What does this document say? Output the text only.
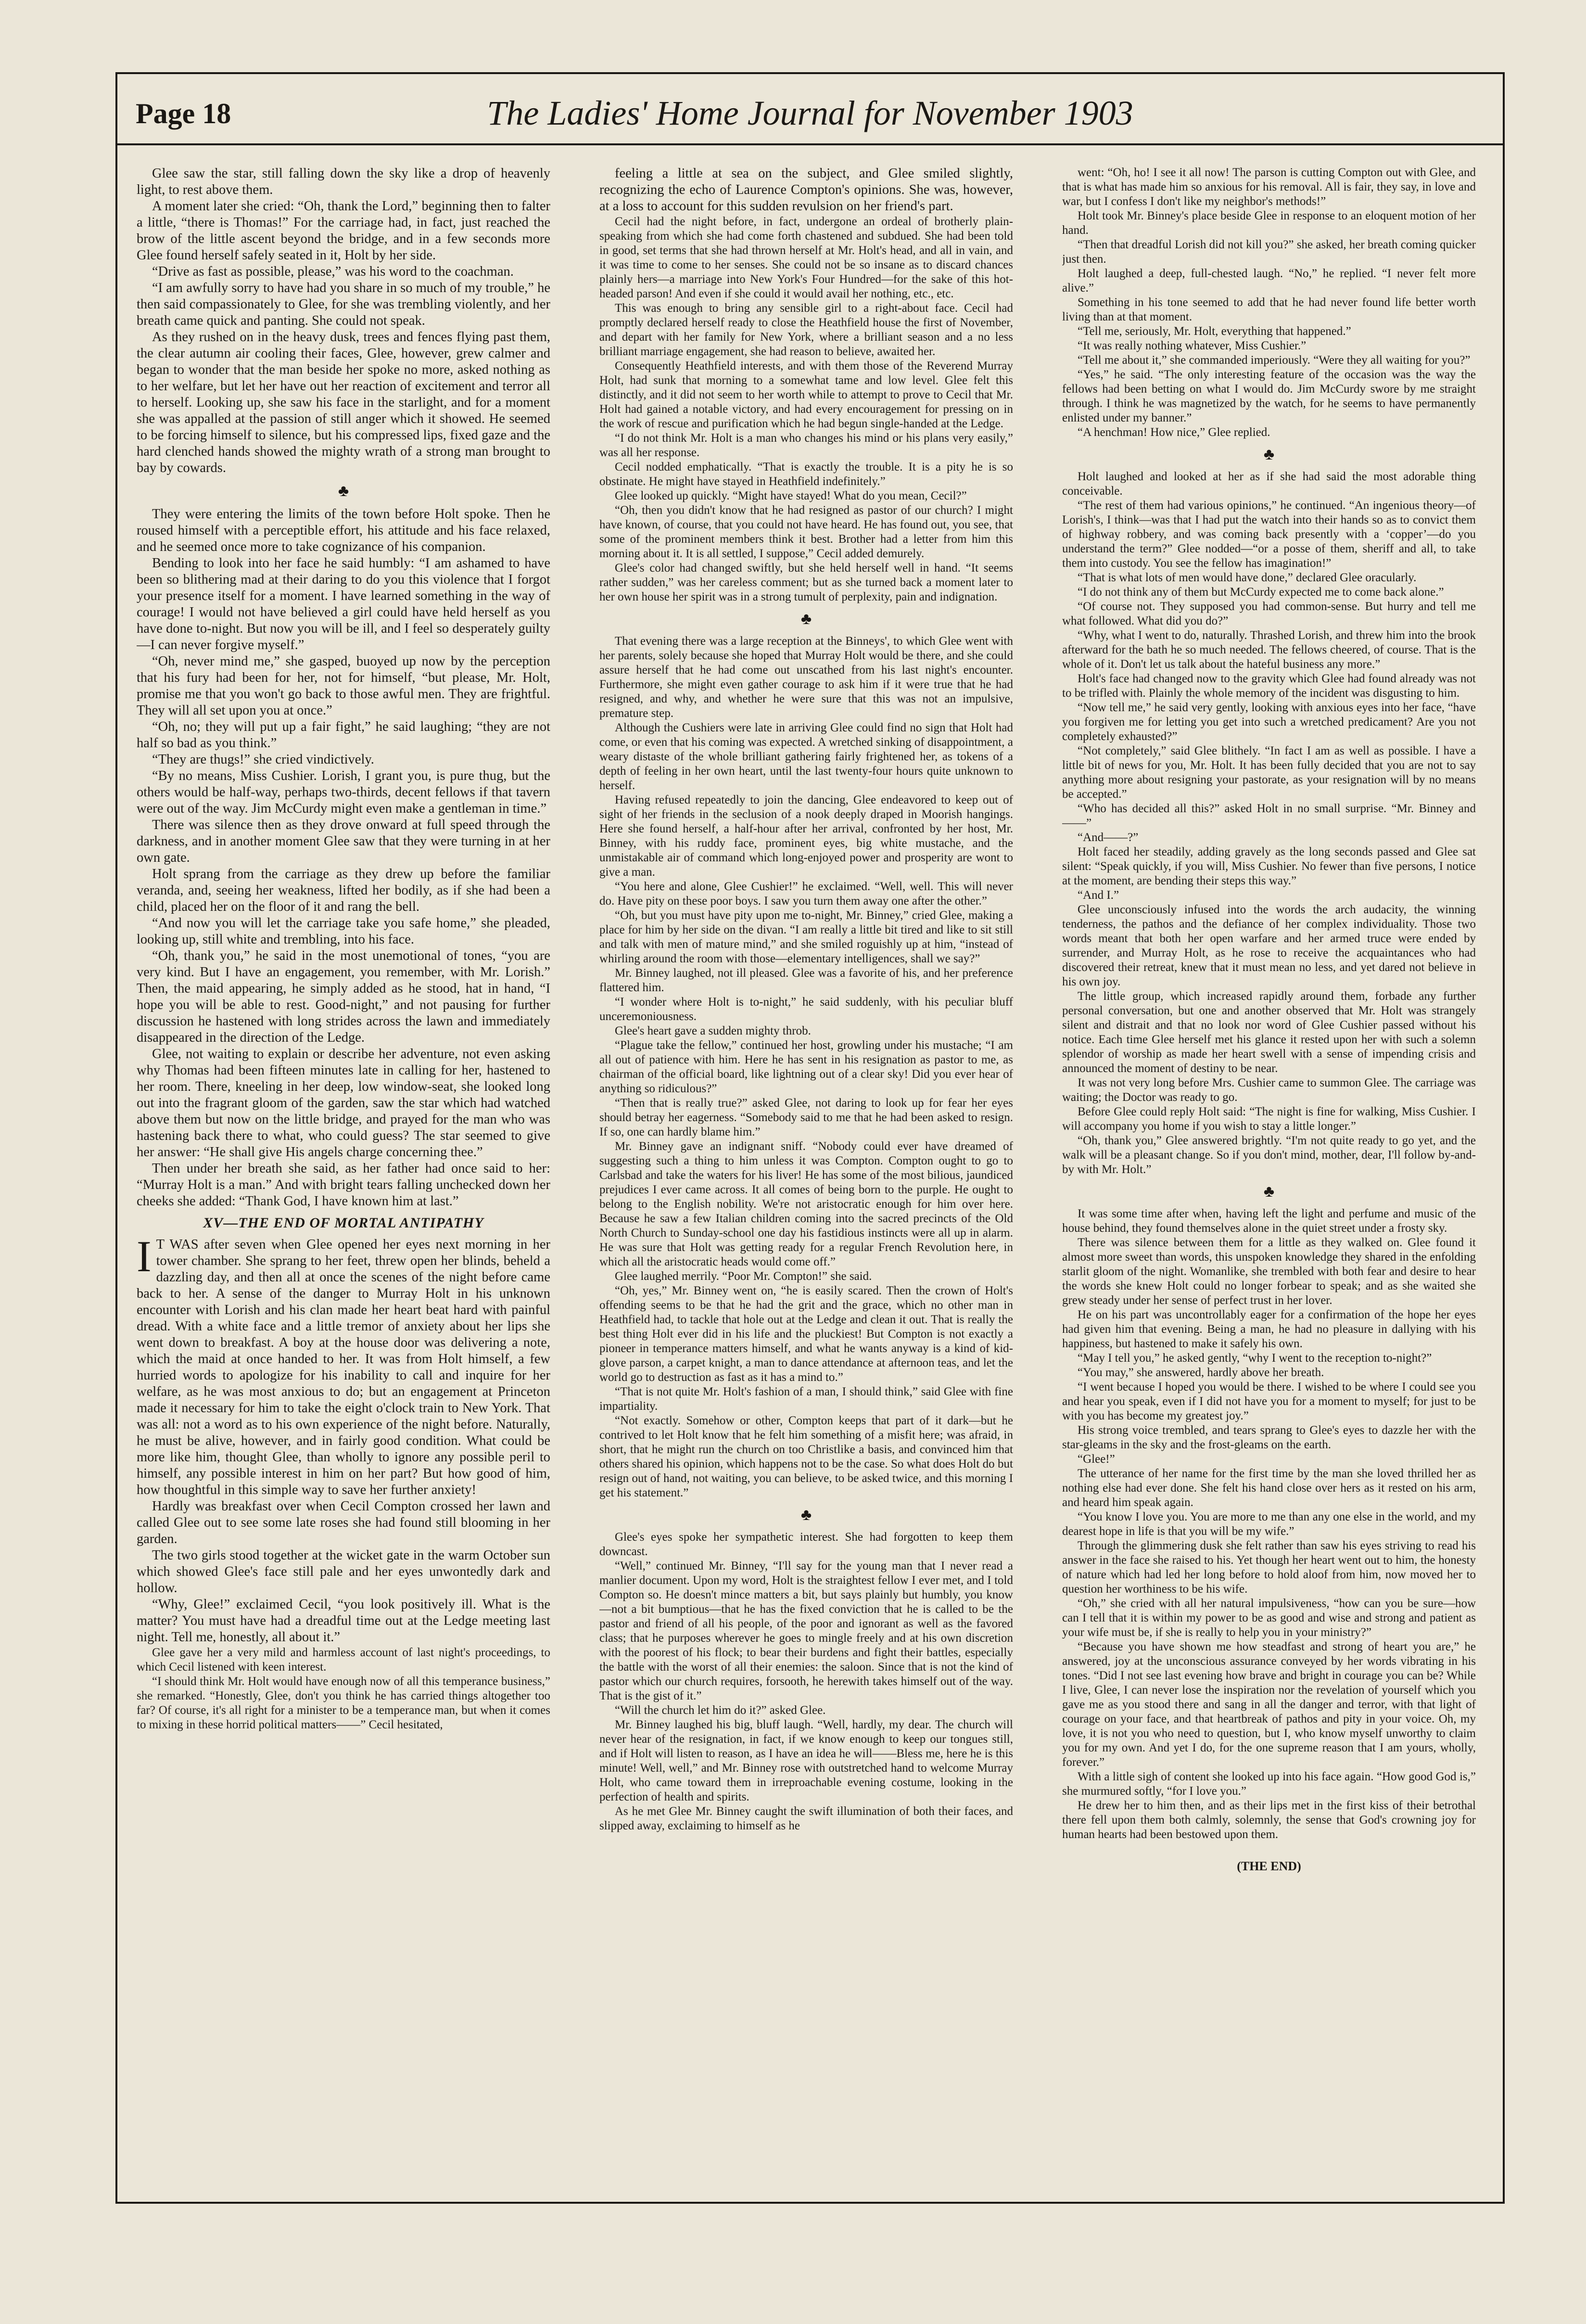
Page 18	The Ladies' Home Journal for November 1903

Glee saw the star, still falling down the sky like a drop of heavenly light, to rest above them.

A moment later she cried: “Oh, thank the Lord,” beginning then to falter a little, “there is Thomas!” For the carriage had, in fact, just reached the brow of the little ascent beyond the bridge, and in a few seconds more Glee found herself safely seated in it, Holt by her side.

“Drive as fast as possible, please,” was his word to the coachman.

“I am awfully sorry to have had you share in so much of my trouble,” he then said compassionately to Glee, for she was trembling violently, and her breath came quick and panting. She could not speak.

As they rushed on in the heavy dusk, trees and fences flying past them, the clear autumn air cooling their faces, Glee, however, grew calmer and began to wonder that the man beside her spoke no more, asked nothing as to her welfare, but let her have out her reaction of excitement and terror all to herself. Looking up, she saw his face in the starlight, and for a moment she was appalled at the passion of still anger which it showed. He seemed to be forcing himself to silence, but his compressed lips, fixed gaze and the hard clenched hands showed the mighty wrath of a strong man brought to bay by cowards.

♣

They were entering the limits of the town before Holt spoke. Then he roused himself with a perceptible effort, his attitude and his face relaxed, and he seemed once more to take cognizance of his companion.

Bending to look into her face he said humbly: “I am ashamed to have been so blithering mad at their daring to do you this violence that I forgot your presence itself for a moment. I have learned something in the way of courage! I would not have believed a girl could have held herself as you have done to-night. But now you will be ill, and I feel so desperately guilty—I can never forgive myself.”

“Oh, never mind me,” she gasped, buoyed up now by the perception that his fury had been for her, not for himself, “but please, Mr. Holt, promise me that you won't go back to those awful men. They are frightful. They will all set upon you at once.”

“Oh, no; they will put up a fair fight,” he said laughing; “they are not half so bad as you think.”

“They are thugs!” she cried vindictively.

“By no means, Miss Cushier. Lorish, I grant you, is pure thug, but the others would be half-way, perhaps two-thirds, decent fellows if that tavern were out of the way. Jim McCurdy might even make a gentleman in time.”

There was silence then as they drove onward at full speed through the darkness, and in another moment Glee saw that they were turning in at her own gate.

Holt sprang from the carriage as they drew up before the familiar veranda, and, seeing her weakness, lifted her bodily, as if she had been a child, placed her on the floor of it and rang the bell.

“And now you will let the carriage take you safe home,” she pleaded, looking up, still white and trembling, into his face.

“Oh, thank you,” he said in the most unemotional of tones, “you are very kind. But I have an engagement, you remember, with Mr. Lorish.” Then, the maid appearing, he simply added as he stood, hat in hand, “I hope you will be able to rest. Good-night,” and not pausing for further discussion he hastened with long strides across the lawn and immediately disappeared in the direction of the Ledge.

Glee, not waiting to explain or describe her adventure, not even asking why Thomas had been fifteen minutes late in calling for her, hastened to her room. There, kneeling in her deep, low window-seat, she looked long out into the fragrant gloom of the garden, saw the star which had watched above them but now on the little bridge, and prayed for the man who was hastening back there to what, who could guess? The star seemed to give her answer: “He shall give His angels charge concerning thee.”

Then under her breath she said, as her father had once said to her: “Murray Holt is a man.” And with bright tears falling unchecked down her cheeks she added: “Thank God, I have known him at last.”

XV—THE END OF MORTAL ANTIPATHY

I T WAS after seven when Glee opened her eyes next morning in her tower chamber. She sprang to her feet, threw open her blinds, beheld a dazzling day, and then all at once the scenes of the night before came back to her. A sense of the danger to Murray Holt in his unknown encounter with Lorish and his clan made her heart beat hard with painful dread. With a white face and a little tremor of anxiety about her lips she went down to breakfast. A boy at the house door was delivering a note, which the maid at once handed to her. It was from Holt himself, a few hurried words to apologize for his inability to call and inquire for her welfare, as he was most anxious to do; but an engagement at Princeton made it necessary for him to take the eight o'clock train to New York. That was all: not a word as to his own experience of the night before. Naturally, he must be alive, however, and in fairly good condition. What could be more like him, thought Glee, than wholly to ignore any possible peril to himself, any possible interest in him on her part? But how good of him, how thoughtful in this simple way to save her further anxiety!

Hardly was breakfast over when Cecil Compton crossed her lawn and called Glee out to see some late roses she had found still blooming in her garden.

The two girls stood together at the wicket gate in the warm October sun which showed Glee's face still pale and her eyes unwontedly dark and hollow.

“Why, Glee!” exclaimed Cecil, “you look positively ill. What is the matter? You must have had a dreadful time out at the Ledge meeting last night. Tell me, honestly, all about it.”

Glee gave her a very mild and harmless account of last night's proceedings, to which Cecil listened with keen interest.

“I should think Mr. Holt would have enough now of all this temperance business,” she remarked. “Honestly, Glee, don't you think he has carried things altogether too far? Of course, it's all right for a minister to be a temperance man, but when it comes to mixing in these horrid political matters——” Cecil hesitated,

feeling a little at sea on the subject, and Glee smiled slightly, recognizing the echo of Laurence Compton's opinions. She was, however, at a loss to account for this sudden revulsion on her friend's part.

Cecil had the night before, in fact, undergone an ordeal of brotherly plain-speaking from which she had come forth chastened and subdued. She had been told in good, set terms that she had thrown herself at Mr. Holt's head, and all in vain, and it was time to come to her senses. She could not be so insane as to discard chances plainly hers—a marriage into New York's Four Hundred—for the sake of this hot-headed parson! And even if she could it would avail her nothing, etc., etc.

This was enough to bring any sensible girl to a right-about face. Cecil had promptly declared herself ready to close the Heathfield house the first of November, and depart with her family for New York, where a brilliant season and a no less brilliant marriage engagement, she had reason to believe, awaited her.

Consequently Heathfield interests, and with them those of the Reverend Murray Holt, had sunk that morning to a somewhat tame and low level. Glee felt this distinctly, and it did not seem to her worth while to attempt to prove to Cecil that Mr. Holt had gained a notable victory, and had every encouragement for pressing on in the work of rescue and purification which he had begun single-handed at the Ledge.

“I do not think Mr. Holt is a man who changes his mind or his plans very easily,” was all her response.

Cecil nodded emphatically. “That is exactly the trouble. It is a pity he is so obstinate. He might have stayed in Heathfield indefinitely.”

Glee looked up quickly. “Might have stayed! What do you mean, Cecil?”

“Oh, then you didn't know that he had resigned as pastor of our church? I might have known, of course, that you could not have heard. He has found out, you see, that some of the prominent members think it best. Brother had a letter from him this morning about it. It is all settled, I suppose,” Cecil added demurely.

Glee's color had changed swiftly, but she held herself well in hand. “It seems rather sudden,” was her careless comment; but as she turned back a moment later to her own house her spirit was in a strong tumult of perplexity, pain and indignation.

♣

That evening there was a large reception at the Binneys', to which Glee went with her parents, solely because she hoped that Murray Holt would be there, and she could assure herself that he had come out unscathed from his last night's encounter. Furthermore, she might even gather courage to ask him if it were true that he had resigned, and why, and whether he were sure that this was not an impulsive, premature step.

Although the Cushiers were late in arriving Glee could find no sign that Holt had come, or even that his coming was expected. A wretched sinking of disappointment, a weary distaste of the whole brilliant gathering fairly frightened her, as tokens of a depth of feeling in her own heart, until the last twenty-four hours quite unknown to herself.

Having refused repeatedly to join the dancing, Glee endeavored to keep out of sight of her friends in the seclusion of a nook deeply draped in Moorish hangings. Here she found herself, a half-hour after her arrival, confronted by her host, Mr. Binney, with his ruddy face, prominent eyes, big white mustache, and the unmistakable air of command which long-enjoyed power and prosperity are wont to give a man.

“You here and alone, Glee Cushier!” he exclaimed. “Well, well. This will never do. Have pity on these poor boys. I saw you turn them away one after the other.”

“Oh, but you must have pity upon me to-night, Mr. Binney,” cried Glee, making a place for him by her side on the divan. “I am really a little bit tired and like to sit still and talk with men of mature mind,” and she smiled roguishly up at him, “instead of whirling around the room with those—elementary intelligences, shall we say?”

Mr. Binney laughed, not ill pleased. Glee was a favorite of his, and her preference flattered him.

“I wonder where Holt is to-night,” he said suddenly, with his peculiar bluff unceremoniousness.

Glee's heart gave a sudden mighty throb.

“Plague take the fellow,” continued her host, growling under his mustache; “I am all out of patience with him. Here he has sent in his resignation as pastor to me, as chairman of the official board, like lightning out of a clear sky! Did you ever hear of anything so ridiculous?”

“Then that is really true?” asked Glee, not daring to look up for fear her eyes should betray her eagerness. “Somebody said to me that he had been asked to resign. If so, one can hardly blame him.”

Mr. Binney gave an indignant sniff. “Nobody could ever have dreamed of suggesting such a thing to him unless it was Compton. Compton ought to go to Carlsbad and take the waters for his liver! He has some of the most bilious, jaundiced prejudices I ever came across. It all comes of being born to the purple. He ought to belong to the English nobility. We're not aristocratic enough for him over here. Because he saw a few Italian children coming into the sacred precincts of the Old North Church to Sunday-school one day his fastidious instincts were all up in alarm. He was sure that Holt was getting ready for a regular French Revolution here, in which all the aristocratic heads would come off.”

Glee laughed merrily. “Poor Mr. Compton!” she said.

“Oh, yes,” Mr. Binney went on, “he is easily scared. Then the crown of Holt's offending seems to be that he had the grit and the grace, which no other man in Heathfield had, to tackle that hole out at the Ledge and clean it out. That is really the best thing Holt ever did in his life and the pluckiest! But Compton is not exactly a pioneer in temperance matters himself, and what he wants anyway is a kind of kid-glove parson, a carpet knight, a man to dance attendance at afternoon teas, and let the world go to destruction as fast as it has a mind to.”

“That is not quite Mr. Holt's fashion of a man, I should think,” said Glee with fine impartiality.

“Not exactly. Somehow or other, Compton keeps that part of it dark—but he contrived to let Holt know that he felt him something of a misfit here; was afraid, in short, that he might run the church on too Christlike a basis, and convinced him that others shared his opinion, which happens not to be the case. So what does Holt do but resign out of hand, not waiting, you can believe, to be asked twice, and this morning I get his statement.”

♣

Glee's eyes spoke her sympathetic interest. She had forgotten to keep them downcast.

“Well,” continued Mr. Binney, “I'll say for the young man that I never read a manlier document. Upon my word, Holt is the straightest fellow I ever met, and I told Compton so. He doesn't mince matters a bit, but says plainly but humbly, you know—not a bit bumptious—that he has the fixed conviction that he is called to be the pastor and friend of all his people, of the poor and ignorant as well as the favored class; that he purposes wherever he goes to mingle freely and at his own discretion with the poorest of his flock; to bear their burdens and fight their battles, especially the battle with the worst of all their enemies: the saloon. Since that is not the kind of pastor which our church requires, forsooth, he herewith takes himself out of the way. That is the gist of it.”

“Will the church let him do it?” asked Glee.

Mr. Binney laughed his big, bluff laugh. “Well, hardly, my dear. The church will never hear of the resignation, in fact, if we know enough to keep our tongues still, and if Holt will listen to reason, as I have an idea he will——Bless me, here he is this minute! Well, well,” and Mr. Binney rose with outstretched hand to welcome Murray Holt, who came toward them in irreproachable evening costume, looking in the perfection of health and spirits.

As he met Glee Mr. Binney caught the swift illumination of both their faces, and slipped away, exclaiming to himself as he

went: “Oh, ho! I see it all now! The parson is cutting Compton out with Glee, and that is what has made him so anxious for his removal. All is fair, they say, in love and war, but I confess I don't like my neighbor's methods!”

Holt took Mr. Binney's place beside Glee in response to an eloquent motion of her hand.

“Then that dreadful Lorish did not kill you?” she asked, her breath coming quicker just then.

Holt laughed a deep, full-chested laugh. “No,” he replied. “I never felt more alive.”

Something in his tone seemed to add that he had never found life better worth living than at that moment.

“Tell me, seriously, Mr. Holt, everything that happened.”

“It was really nothing whatever, Miss Cushier.”

“Tell me about it,” she commanded imperiously. “Were they all waiting for you?”

“Yes,” he said. “The only interesting feature of the occasion was the way the fellows had been betting on what I would do. Jim McCurdy swore by me straight through. I think he was magnetized by the watch, for he seems to have permanently enlisted under my banner.”

“A henchman! How nice,” Glee replied.

♣

Holt laughed and looked at her as if she had said the most adorable thing conceivable.

“The rest of them had various opinions,” he continued. “An ingenious theory—of Lorish's, I think—was that I had put the watch into their hands so as to convict them of highway robbery, and was coming back presently with a ‘copper’—do you understand the term?” Glee nodded—“or a posse of them, sheriff and all, to take them into custody. You see the fellow has imagination!”

“That is what lots of men would have done,” declared Glee oracularly.

“I do not think any of them but McCurdy expected me to come back alone.”

“Of course not. They supposed you had common-sense. But hurry and tell me what followed. What did you do?”

“Why, what I went to do, naturally. Thrashed Lorish, and threw him into the brook afterward for the bath he so much needed. The fellows cheered, of course. That is the whole of it. Don't let us talk about the hateful business any more.”

Holt's face had changed now to the gravity which Glee had found already was not to be trifled with. Plainly the whole memory of the incident was disgusting to him.

“Now tell me,” he said very gently, looking with anxious eyes into her face, “have you forgiven me for letting you get into such a wretched predicament? Are you not completely exhausted?”

“Not completely,” said Glee blithely. “In fact I am as well as possible. I have a little bit of news for you, Mr. Holt. It has been fully decided that you are not to say anything more about resigning your pastorate, as your resignation will by no means be accepted.”

“Who has decided all this?” asked Holt in no small surprise. “Mr. Binney and——”

“And——?”

Holt faced her steadily, adding gravely as the long seconds passed and Glee sat silent: “Speak quickly, if you will, Miss Cushier. No fewer than five persons, I notice at the moment, are bending their steps this way.”

“And I.”

Glee unconsciously infused into the words the arch audacity, the winning tenderness, the pathos and the defiance of her complex individuality. Those two words meant that both her open warfare and her armed truce were ended by surrender, and Murray Holt, as he rose to receive the acquaintances who had discovered their retreat, knew that it must mean no less, and yet dared not believe in his own joy.

The little group, which increased rapidly around them, forbade any further personal conversation, but one and another observed that Mr. Holt was strangely silent and distrait and that no look nor word of Glee Cushier passed without his notice. Each time Glee herself met his glance it rested upon her with such a solemn splendor of worship as made her heart swell with a sense of impending crisis and announced the moment of destiny to be near.

It was not very long before Mrs. Cushier came to summon Glee. The carriage was waiting; the Doctor was ready to go.

Before Glee could reply Holt said: “The night is fine for walking, Miss Cushier. I will accompany you home if you wish to stay a little longer.”

“Oh, thank you,” Glee answered brightly. “I'm not quite ready to go yet, and the walk will be a pleasant change. So if you don't mind, mother, dear, I'll follow by-and-by with Mr. Holt.”

♣

It was some time after when, having left the light and perfume and music of the house behind, they found themselves alone in the quiet street under a frosty sky.

There was silence between them for a little as they walked on. Glee found it almost more sweet than words, this unspoken knowledge they shared in the enfolding starlit gloom of the night. Womanlike, she trembled with both fear and desire to hear the words she knew Holt could no longer forbear to speak; and as she waited she grew steady under her sense of perfect trust in her lover.

He on his part was uncontrollably eager for a confirmation of the hope her eyes had given him that evening. Being a man, he had no pleasure in dallying with his happiness, but hastened to make it safely his own.

“May I tell you,” he asked gently, “why I went to the reception to-night?”

“You may,” she answered, hardly above her breath.

“I went because I hoped you would be there. I wished to be where I could see you and hear you speak, even if I did not have you for a moment to myself; for just to be with you has become my greatest joy.”

His strong voice trembled, and tears sprang to Glee's eyes to dazzle her with the star-gleams in the sky and the frost-gleams on the earth.

“Glee!”

The utterance of her name for the first time by the man she loved thrilled her as nothing else had ever done. She felt his hand close over hers as it rested on his arm, and heard him speak again.

“You know I love you. You are more to me than any one else in the world, and my dearest hope in life is that you will be my wife.”

Through the glimmering dusk she felt rather than saw his eyes striving to read his answer in the face she raised to his. Yet though her heart went out to him, the honesty of nature which had led her long before to hold aloof from him, now moved her to question her worthiness to be his wife.

“Oh,” she cried with all her natural impulsiveness, “how can you be sure—how can I tell that it is within my power to be as good and wise and strong and patient as your wife must be, if she is really to help you in your ministry?”

“Because you have shown me how steadfast and strong of heart you are,” he answered, joy at the unconscious assurance conveyed by her words vibrating in his tones. “Did I not see last evening how brave and bright in courage you can be? While I live, Glee, I can never lose the inspiration nor the revelation of yourself which you gave me as you stood there and sang in all the danger and terror, with that light of courage on your face, and that heartbreak of pathos and pity in your voice. Oh, my love, it is not you who need to question, but I, who know myself unworthy to claim you for my own. And yet I do, for the one supreme reason that I am yours, wholly, forever.”

With a little sigh of content she looked up into his face again. “How good God is,” she murmured softly, “for I love you.”

He drew her to him then, and as their lips met in the first kiss of their betrothal there fell upon them both calmly, solemnly, the sense that God's crowning joy for human hearts had been bestowed upon them.

(THE END)
